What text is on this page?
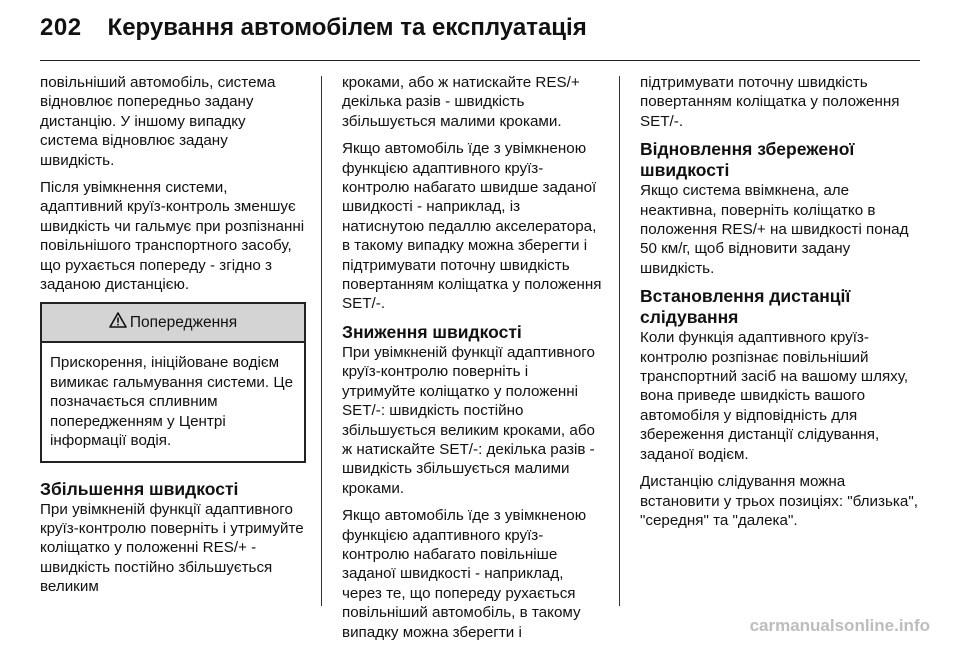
202 Керування автомобілем та експлуатація

повільніший автомобіль, система відновлює попередньо задану дистанцію. У іншому випадку система відновлює задану швидкість.

Після увімкнення системи, адаптивний круїз-контроль зменшує швидкість чи гальмує при розпізнанні повільнішого транспортного засобу, що рухається попереду - згідно з заданою дистанцією.

Попередження
Прискорення, ініційоване водієм вимикає гальмування системи. Це позначається спливним попередженням у Центрі інформації водія.
Збільшення швидкості

При увімкненій функції адаптивного круїз-контролю поверніть і утримуйте коліщатко у положенні RES/+ - швидкість постійно збільшується великим

кроками, або ж натискайте RES/+ декілька разів - швидкість збільшується малими кроками.

Якщо автомобіль їде з увімкненою функцією адаптивного круїз-контролю набагато швидше заданої швидкості - наприклад, із натиснутою педаллю акселератора, в такому випадку можна зберегти і підтримувати поточну швидкість повертанням коліщатка у положення SET/-.

Зниження швидкості

При увімкненій функції адаптивного круїз-контролю поверніть і утримуйте коліщатко у положенні SET/-: швидкість постійно збільшується великим кроками, або ж натискайте SET/-: декілька разів - швидкість збільшується малими кроками.

Якщо автомобіль їде з увімкненою функцією адаптивного круїз-контролю набагато повільніше заданої швидкості - наприклад, через те, що попереду рухається повільніший автомобіль, в такому випадку можна зберегти і

підтримувати поточну швидкість повертанням коліщатка у положення SET/-.

Відновлення збереженої швидкості

Якщо система ввімкнена, але неактивна, поверніть коліщатко в положення RES/+ на швидкості понад 50 км/г, щоб відновити задану швидкість.

Встановлення дистанції слідування

Коли функція адаптивного круїз-контролю розпізнає повільніший транспортний засіб на вашому шляху, вона приведе швидкість вашого автомобіля у відповідність для збереження дистанції слідування, заданої водієм.

Дистанцію слідування можна встановити у трьох позиціях: "близька", "середня" та "далека".

carmanualsonline.info
